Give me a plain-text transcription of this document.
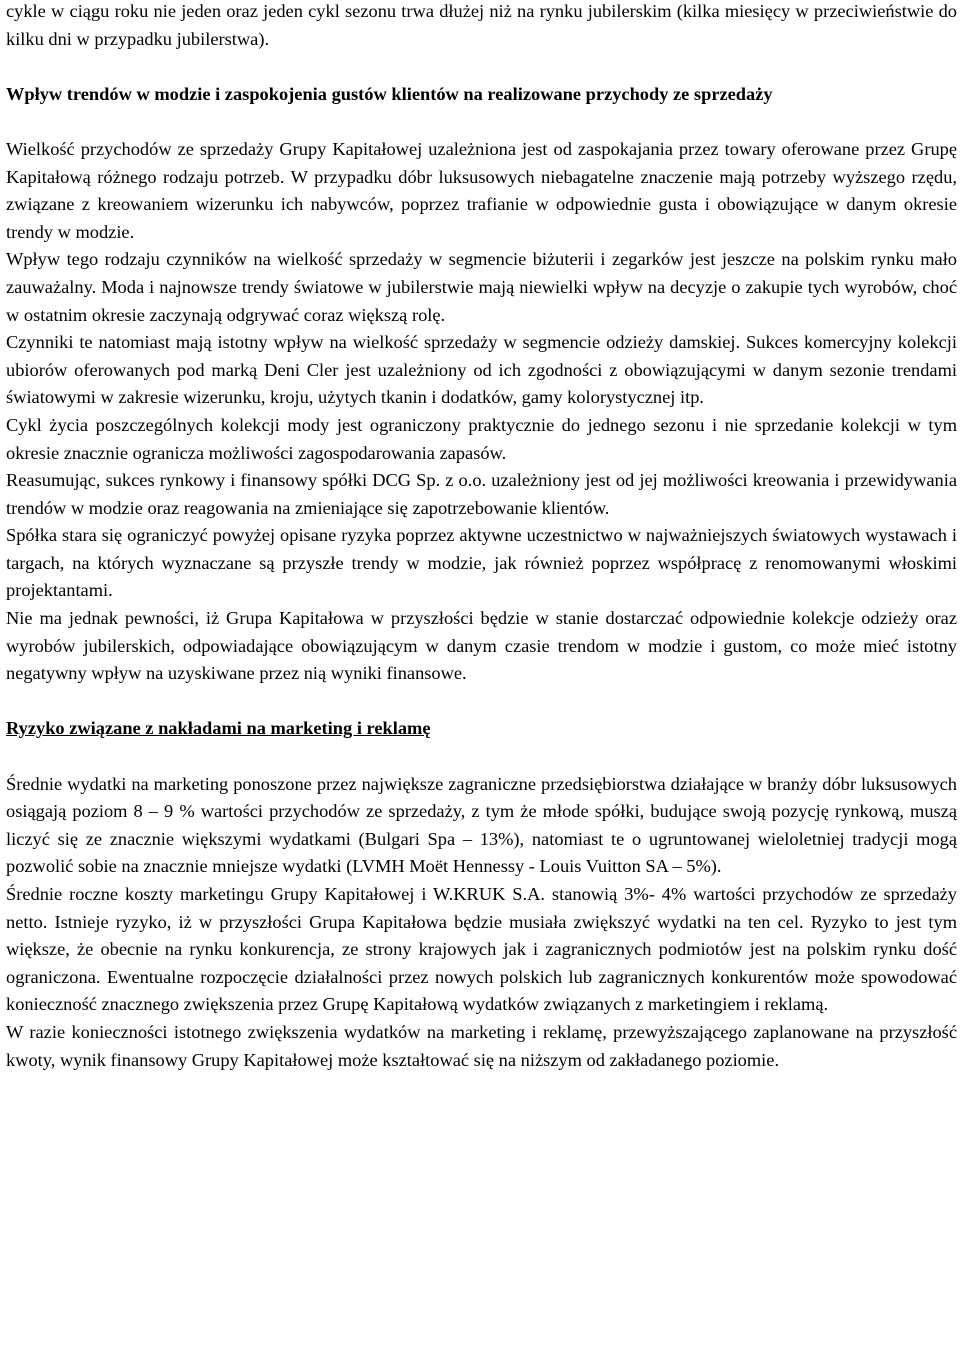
cykle w ciągu roku nie jeden oraz jeden cykl sezonu trwa dłużej niż na rynku jubilerskim (kilka miesięcy w przeciwieństwie do kilku dni w przypadku jubilerstwa).

Wpływ trendów w modzie i zaspokojenia gustów klientów na realizowane przychody ze sprzedaży

Wielkość przychodów ze sprzedaży Grupy Kapitałowej uzależniona jest od zaspokajania przez towary oferowane przez Grupę Kapitałową różnego rodzaju potrzeb. W przypadku dóbr luksusowych niebagatelne znaczenie mają potrzeby wyższego rzędu, związane z kreowaniem wizerunku ich nabywców, poprzez trafianie w odpowiednie gusta i obowiązujące w danym okresie trendy w modzie.

Wpływ tego rodzaju czynników na wielkość sprzedaży w segmencie biżuterii i zegarków jest jeszcze na polskim rynku mało zauważalny. Moda i najnowsze trendy światowe w jubilerstwie mają niewielki wpływ na decyzje o zakupie tych wyrobów, choć w ostatnim okresie zaczynają odgrywać coraz większą rolę.

Czynniki te natomiast mają istotny wpływ na wielkość sprzedaży w segmencie odzieży damskiej. Sukces komercyjny kolekcji ubiorów oferowanych pod marką Deni Cler jest uzależniony od ich zgodności z obowiązującymi w danym sezonie trendami światowymi w zakresie wizerunku, kroju, użytych tkanin i dodatków, gamy kolorystycznej itp.

Cykl życia poszczególnych kolekcji mody jest ograniczony praktycznie do jednego sezonu i nie sprzedanie kolekcji w tym okresie znacznie ogranicza możliwości zagospodarowania zapasów.

Reasumując, sukces rynkowy i finansowy spółki DCG Sp. z o.o. uzależniony jest od jej możliwości kreowania i przewidywania trendów w modzie oraz reagowania na zmieniające się zapotrzebowanie klientów.

Spółka stara się ograniczyć powyżej opisane ryzyka poprzez aktywne uczestnictwo w najważniejszych światowych wystawach i targach, na których wyznaczane są przyszłe trendy w modzie, jak również poprzez współpracę z renomowanymi włoskimi projektantami.

Nie ma jednak pewności, iż Grupa Kapitałowa w przyszłości będzie w stanie dostarczać odpowiednie kolekcje odzieży oraz wyrobów jubilerskich, odpowiadające obowiązującym w danym czasie trendom w modzie i gustom, co może mieć istotny negatywny wpływ na uzyskiwane przez nią wyniki finansowe.

Ryzyko związane z nakładami na marketing i reklamę

Średnie wydatki na marketing ponoszone przez największe zagraniczne przedsiębiorstwa działające w branży dóbr luksusowych osiągają poziom 8 – 9 % wartości przychodów ze sprzedaży, z tym że młode spółki, budujące swoją pozycję rynkową, muszą liczyć się ze znacznie większymi wydatkami (Bulgari Spa – 13%), natomiast te o ugruntowanej wieloletniej tradycji mogą pozwolić sobie na znacznie mniejsze wydatki (LVMH Moët Hennessy - Louis Vuitton SA – 5%).

Średnie roczne koszty marketingu Grupy Kapitałowej i W.KRUK S.A. stanowią 3%- 4% wartości przychodów ze sprzedaży netto. Istnieje ryzyko, iż w przyszłości Grupa Kapitałowa będzie musiała zwiększyć wydatki na ten cel. Ryzyko to jest tym większe, że obecnie na rynku konkurencja, ze strony krajowych jak i zagranicznych podmiotów jest na polskim rynku dość ograniczona. Ewentualne rozpoczęcie działalności przez nowych polskich lub zagranicznych konkurentów może spowodować konieczność znacznego zwiększenia przez Grupę Kapitałową wydatków związanych z marketingiem i reklamą.

W razie konieczności istotnego zwiększenia wydatków na marketing i reklamę, przewyższającego zaplanowane na przyszłość kwoty, wynik finansowy Grupy Kapitałowej może kształtować się na niższym od zakładanego poziomie.
